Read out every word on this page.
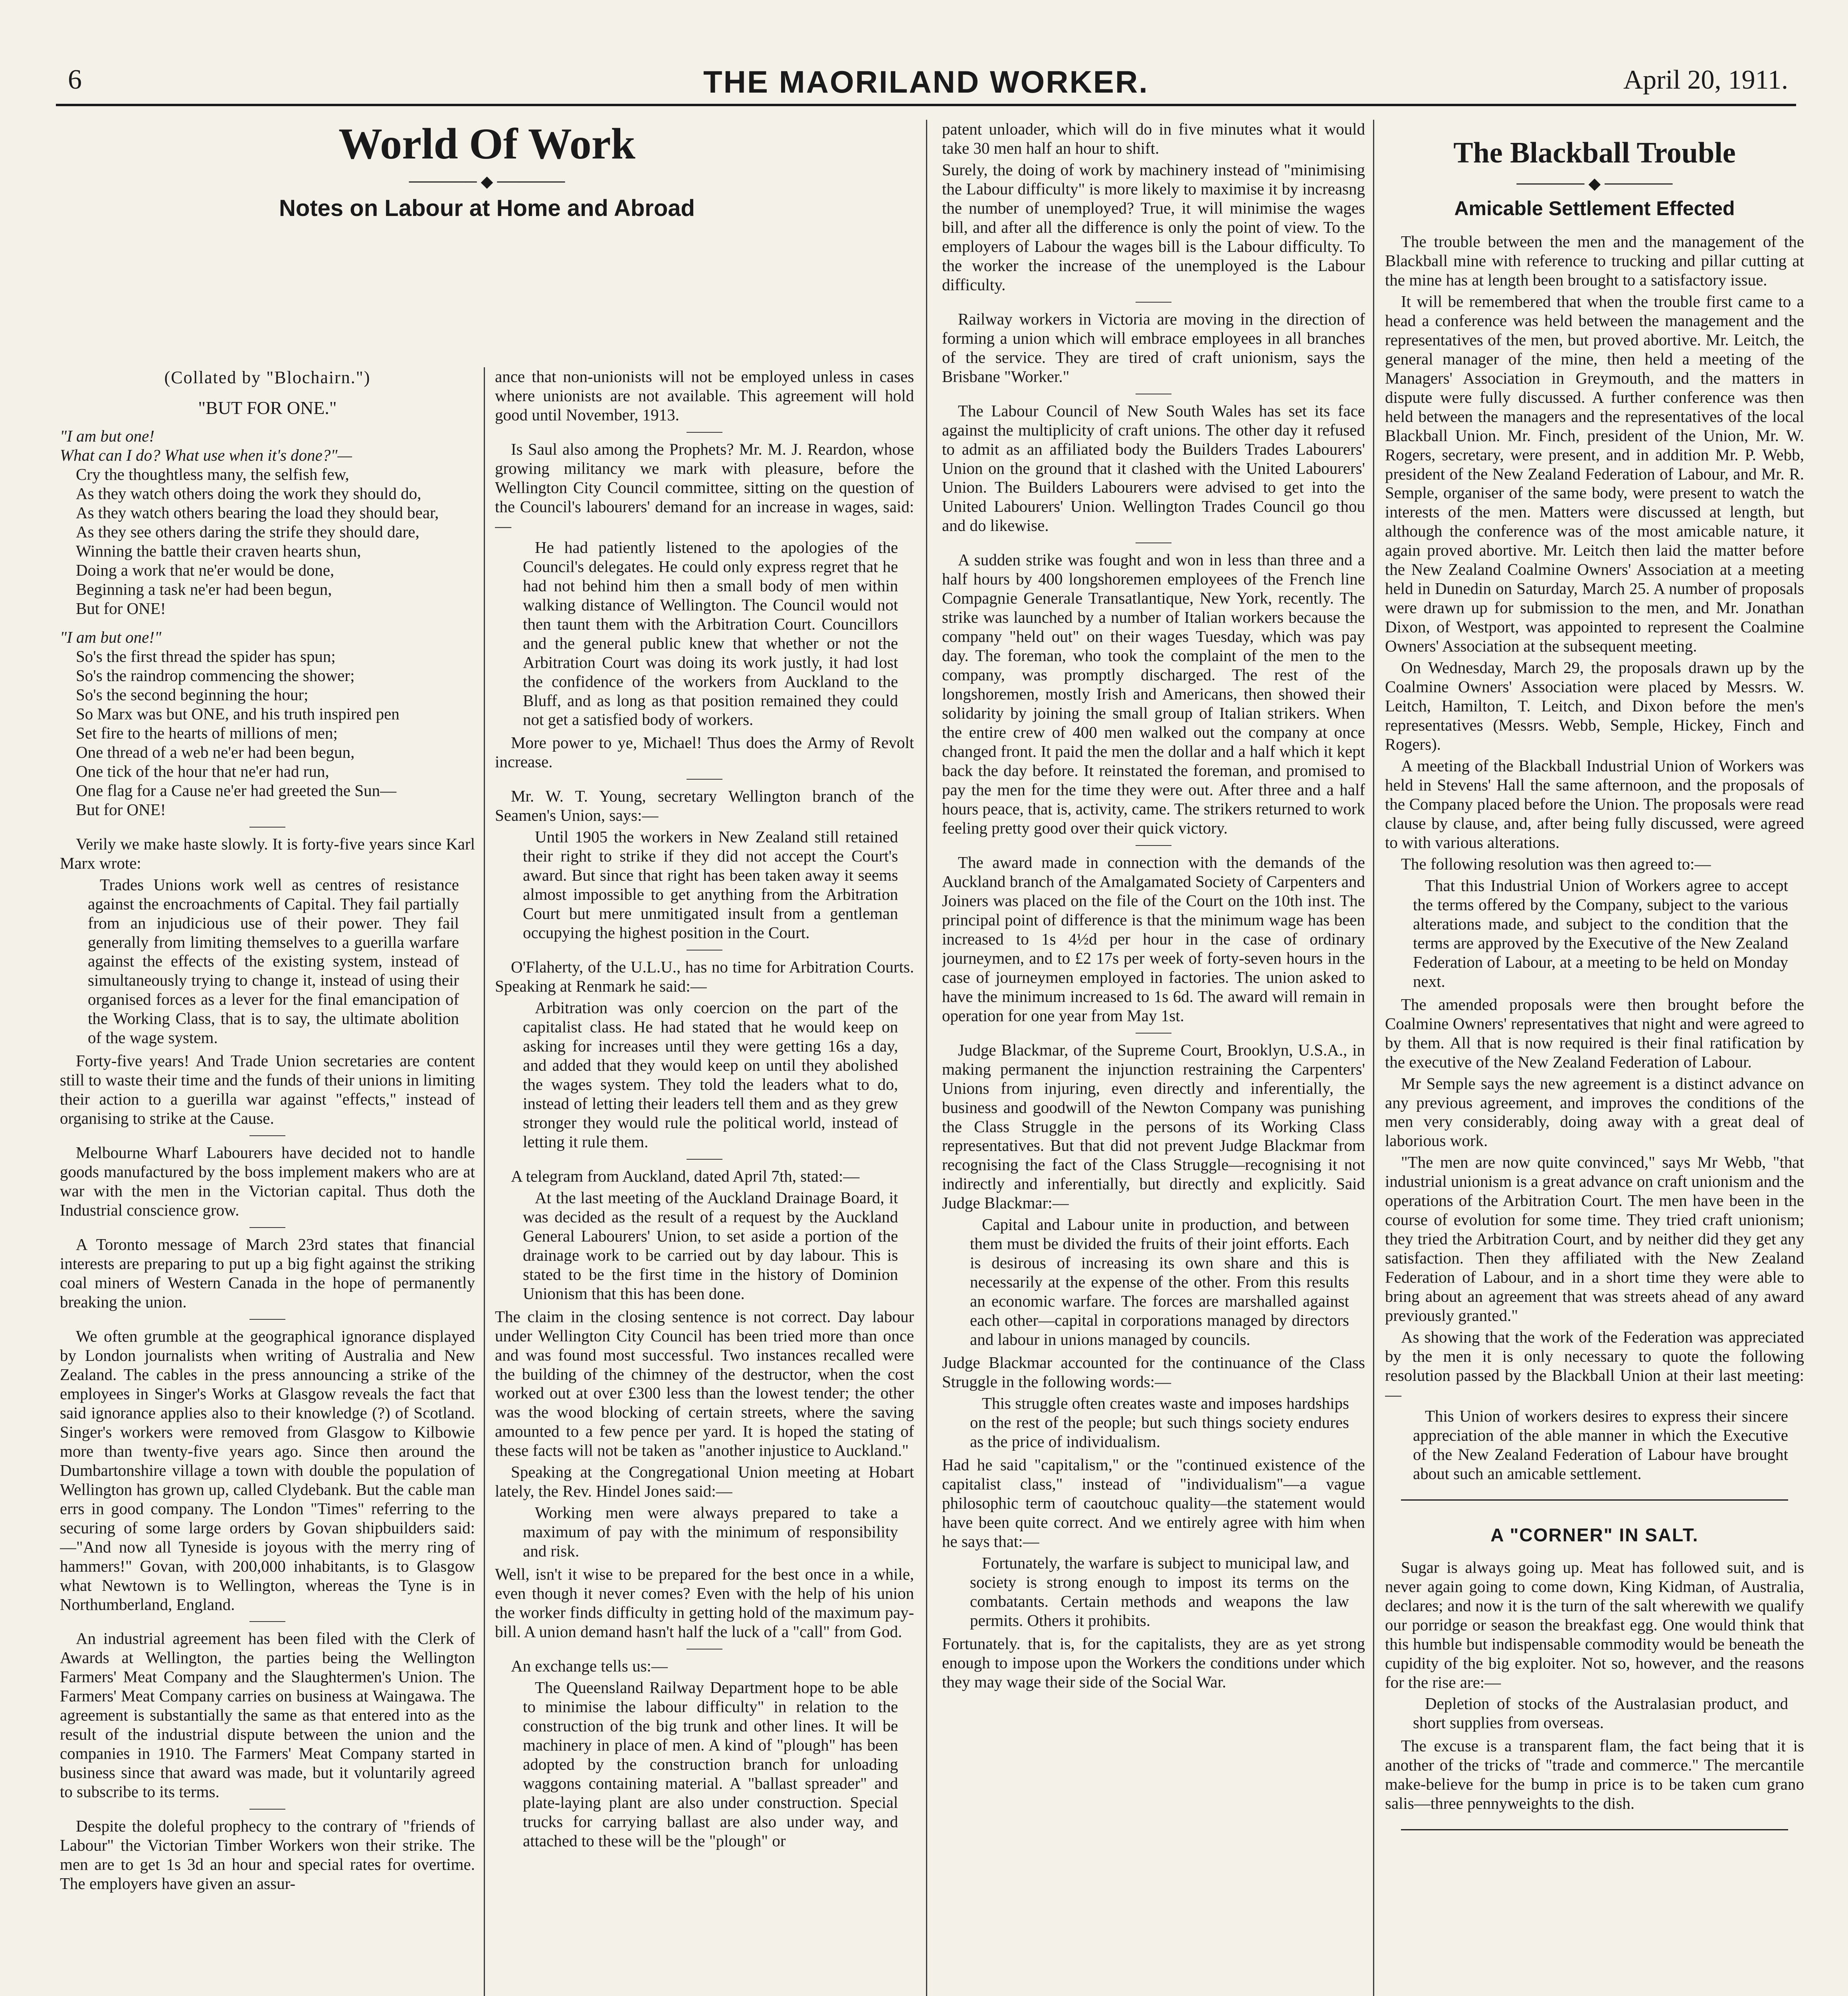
6	THE MAORILAND WORKER.	April 20, 1911.
World Of Work
────── ◆ ──────
Notes on Labour at Home and Abroad
(Collated by "Blochairn.")
"BUT FOR ONE."

"I am but one!

What can I do? What use when it's done?"—

Cry the thoughtless many, the selfish few,

As they watch others doing the work they should do,

As they watch others bearing the load they should bear,

As they see others daring the strife they should dare,

Winning the battle their craven hearts shun,

Doing a work that ne'er would be done,

Beginning a task ne'er had been begun,

But for ONE!

"I am but one!"

So's the first thread the spider has spun;

So's the raindrop commencing the shower;

So's the second beginning the hour;

So Marx was but ONE, and his truth inspired pen

Set fire to the hearts of millions of men;

One thread of a web ne'er had been begun,

One tick of the hour that ne'er had run,

One flag for a Cause ne'er had greeted the Sun—

But for ONE!

Verily we make haste slowly. It is forty-five years since Karl Marx wrote:

Trades Unions work well as centres of resistance against the encroachments of Capital. They fail partially from an injudicious use of their power. They fail generally from limiting themselves to a guerilla warfare against the effects of the existing system, instead of simultaneously trying to change it, instead of using their organised forces as a lever for the final emancipation of the Working Class, that is to say, the ultimate abolition of the wage system.

Forty-five years! And Trade Union secretaries are content still to waste their time and the funds of their unions in limiting their action to a guerilla war against "effects," instead of organising to strike at the Cause.

Melbourne Wharf Labourers have decided not to handle goods manufactured by the boss implement makers who are at war with the men in the Victorian capital. Thus doth the Industrial conscience grow.

A Toronto message of March 23rd states that financial interests are preparing to put up a big fight against the striking coal miners of Western Canada in the hope of permanently breaking the union.

We often grumble at the geographical ignorance displayed by London journalists when writing of Australia and New Zealand. The cables in the press announcing a strike of the employees in Singer's Works at Glasgow reveals the fact that said ignorance applies also to their knowledge (?) of Scotland. Singer's workers were removed from Glasgow to Kilbowie more than twenty-five years ago. Since then around the Dumbartonshire village a town with double the population of Wellington has grown up, called Clydebank. But the cable man errs in good company. The London "Times" referring to the securing of some large orders by Govan shipbuilders said:—"And now all Tyneside is joyous with the merry ring of hammers!" Govan, with 200,000 inhabitants, is to Glasgow what Newtown is to Wellington, whereas the Tyne is in Northumberland, England.

An industrial agreement has been filed with the Clerk of Awards at Wellington, the parties being the Wellington Farmers' Meat Company and the Slaughtermen's Union. The Farmers' Meat Company carries on business at Waingawa. The agreement is substantially the same as that entered into as the result of the industrial dispute between the union and the companies in 1910. The Farmers' Meat Company started in business since that award was made, but it voluntarily agreed to subscribe to its terms.

Despite the doleful prophecy to the contrary of "friends of Labour" the Victorian Timber Workers won their strike. The men are to get 1s 3d an hour and special rates for overtime. The employers have given an assur-

ance that non-unionists will not be employed unless in cases where unionists are not available. This agreement will hold good until November, 1913.

Is Saul also among the Prophets? Mr. M. J. Reardon, whose growing militancy we mark with pleasure, before the Wellington City Council committee, sitting on the question of the Council's labourers' demand for an increase in wages, said:—

He had patiently listened to the apologies of the Council's delegates. He could only express regret that he had not behind him then a small body of men within walking distance of Wellington. The Council would not then taunt them with the Arbitration Court. Councillors and the general public knew that whether or not the Arbitration Court was doing its work justly, it had lost the confidence of the workers from Auckland to the Bluff, and as long as that position remained they could not get a satisfied body of workers.

More power to ye, Michael! Thus does the Army of Revolt increase.

Mr. W. T. Young, secretary Wellington branch of the Seamen's Union, says:—

Until 1905 the workers in New Zealand still retained their right to strike if they did not accept the Court's award. But since that right has been taken away it seems almost impossible to get anything from the Arbitration Court but mere unmitigated insult from a gentleman occupying the highest position in the Court.

O'Flaherty, of the U.L.U., has no time for Arbitration Courts. Speaking at Renmark he said:—

Arbitration was only coercion on the part of the capitalist class. He had stated that he would keep on asking for increases until they were getting 16s a day, and added that they would keep on until they abolished the wages system. They told the leaders what to do, instead of letting their leaders tell them and as they grew stronger they would rule the political world, instead of letting it rule them.

A telegram from Auckland, dated April 7th, stated:—

At the last meeting of the Auckland Drainage Board, it was decided as the result of a request by the Auckland General Labourers' Union, to set aside a portion of the drainage work to be carried out by day labour. This is stated to be the first time in the history of Dominion Unionism that this has been done.

The claim in the closing sentence is not correct. Day labour under Wellington City Council has been tried more than once and was found most successful. Two instances recalled were the building of the chimney of the destructor, when the cost worked out at over £300 less than the lowest tender; the other was the wood blocking of certain streets, where the saving amounted to a few pence per yard. It is hoped the stating of these facts will not be taken as "another injustice to Auckland."

Speaking at the Congregational Union meeting at Hobart lately, the Rev. Hindel Jones said:—

Working men were always prepared to take a maximum of pay with the minimum of responsibility and risk.

Well, isn't it wise to be prepared for the best once in a while, even though it never comes? Even with the help of his union the worker finds difficulty in getting hold of the maximum pay-bill. A union demand hasn't half the luck of a "call" from God.

An exchange tells us:—

The Queensland Railway Department hope to be able to minimise the labour difficulty" in relation to the construction of the big trunk and other lines. It will be machinery in place of men. A kind of "plough" has been adopted by the construction branch for unloading waggons containing material. A "ballast spreader" and plate-laying plant are also under construction. Special trucks for carrying ballast are also under way, and attached to these will be the "plough" or

patent unloader, which will do in five minutes what it would take 30 men half an hour to shift.

Surely, the doing of work by machinery instead of "minimising the Labour difficulty" is more likely to maximise it by increasng the number of unemployed? True, it will minimise the wages bill, and after all the difference is only the point of view. To the employers of Labour the wages bill is the Labour difficulty. To the worker the increase of the unemployed is the Labour difficulty.

Railway workers in Victoria are moving in the direction of forming a union which will embrace employees in all branches of the service. They are tired of craft unionism, says the Brisbane "Worker."

The Labour Council of New South Wales has set its face against the multiplicity of craft unions. The other day it refused to admit as an affiliated body the Builders Trades Labourers' Union on the ground that it clashed with the United Labourers' Union. The Builders Labourers were advised to get into the United Labourers' Union. Wellington Trades Council go thou and do likewise.

A sudden strike was fought and won in less than three and a half hours by 400 longshoremen employees of the French line Compagnie Generale Transatlantique, New York, recently. The strike was launched by a number of Italian workers because the company "held out" on their wages Tuesday, which was pay day. The foreman, who took the complaint of the men to the company, was promptly discharged. The rest of the longshoremen, mostly Irish and Americans, then showed their solidarity by joining the small group of Italian strikers. When the entire crew of 400 men walked out the company at once changed front. It paid the men the dollar and a half which it kept back the day before. It reinstated the foreman, and promised to pay the men for the time they were out. After three and a half hours peace, that is, activity, came. The strikers returned to work feeling pretty good over their quick victory.

The award made in connection with the demands of the Auckland branch of the Amalgamated Society of Carpenters and Joiners was placed on the file of the Court on the 10th inst. The principal point of difference is that the minimum wage has been increased to 1s 4½d per hour in the case of ordinary journeymen, and to £2 17s per week of forty-seven hours in the case of journeymen employed in factories. The union asked to have the minimum increased to 1s 6d. The award will remain in operation for one year from May 1st.

Judge Blackmar, of the Supreme Court, Brooklyn, U.S.A., in making permanent the injunction restraining the Carpenters' Unions from injuring, even directly and inferentially, the business and goodwill of the Newton Company was punishing the Class Struggle in the persons of its Working Class representatives. But that did not prevent Judge Blackmar from recognising the fact of the Class Struggle—recognising it not indirectly and inferentially, but directly and explicitly. Said Judge Blackmar:—

Capital and Labour unite in production, and between them must be divided the fruits of their joint efforts. Each is desirous of increasing its own share and this is necessarily at the expense of the other. From this results an economic warfare. The forces are marshalled against each other—capital in corporations managed by directors and labour in unions managed by councils.

Judge Blackmar accounted for the continuance of the Class Struggle in the following words:—

This struggle often creates waste and imposes hardships on the rest of the people; but such things society endures as the price of individualism.

Had he said "capitalism," or the "continued existence of the capitalist class," instead of "individualism"—a vague philosophic term of caoutchouc quality—the statement would have been quite correct. And we entirely agree with him when he says that:—

Fortunately, the warfare is subject to municipal law, and society is strong enough to impost its terms on the combatants. Certain methods and weapons the law permits. Others it prohibits.

Fortunately. that is, for the capitalists, they are as yet strong enough to impose upon the Workers the conditions under which they may wage their side of the Social War.

The Blackball Trouble
────── ◆ ──────
Amicable Settlement Effected

The trouble between the men and the management of the Blackball mine with reference to trucking and pillar cutting at the mine has at length been brought to a satisfactory issue.

It will be remembered that when the trouble first came to a head a conference was held between the management and the representatives of the men, but proved abortive. Mr. Leitch, the general manager of the mine, then held a meeting of the Managers' Association in Greymouth, and the matters in dispute were fully discussed. A further conference was then held between the managers and the representatives of the local Blackball Union. Mr. Finch, president of the Union, Mr. W. Rogers, secretary, were present, and in addition Mr. P. Webb, president of the New Zealand Federation of Labour, and Mr. R. Semple, organiser of the same body, were present to watch the interests of the men. Matters were discussed at length, but although the conference was of the most amicable nature, it again proved abortive. Mr. Leitch then laid the matter before the New Zealand Coalmine Owners' Association at a meeting held in Dunedin on Saturday, March 25. A number of proposals were drawn up for submission to the men, and Mr. Jonathan Dixon, of Westport, was appointed to represent the Coalmine Owners' Association at the subsequent meeting.

On Wednesday, March 29, the proposals drawn up by the Coalmine Owners' Association were placed by Messrs. W. Leitch, Hamilton, T. Leitch, and Dixon before the men's representatives (Messrs. Webb, Semple, Hickey, Finch and Rogers).

A meeting of the Blackball Industrial Union of Workers was held in Stevens' Hall the same afternoon, and the proposals of the Company placed before the Union. The proposals were read clause by clause, and, after being fully discussed, were agreed to with various alterations.

The following resolution was then agreed to:—

That this Industrial Union of Workers agree to accept the terms offered by the Company, subject to the various alterations made, and subject to the condition that the terms are approved by the Executive of the New Zealand Federation of Labour, at a meeting to be held on Monday next.

The amended proposals were then brought before the Coalmine Owners' representatives that night and were agreed to by them. All that is now required is their final ratification by the executive of the New Zealand Federation of Labour.

Mr Semple says the new agreement is a distinct advance on any previous agreement, and improves the conditions of the men very considerably, doing away with a great deal of laborious work.

"The men are now quite convinced," says Mr Webb, "that industrial unionism is a great advance on craft unionism and the operations of the Arbitration Court. The men have been in the course of evolution for some time. They tried craft unionism; they tried the Arbitration Court, and by neither did they get any satisfaction. Then they affiliated with the New Zealand Federation of Labour, and in a short time they were able to bring about an agreement that was streets ahead of any award previously granted."

As showing that the work of the Federation was appreciated by the men it is only necessary to quote the following resolution passed by the Blackball Union at their last meeting:—

This Union of workers desires to express their sincere appreciation of the able manner in which the Executive of the New Zealand Federation of Labour have brought about such an amicable settlement.

A "CORNER" IN SALT.

Sugar is always going up. Meat has followed suit, and is never again going to come down, King Kidman, of Australia, declares; and now it is the turn of the salt wherewith we qualify our porridge or season the breakfast egg. One would think that this humble but indispensable commodity would be beneath the cupidity of the big exploiter. Not so, however, and the reasons for the rise are:—

Depletion of stocks of the Australasian product, and short supplies from overseas.

The excuse is a transparent flam, the fact being that it is another of the tricks of "trade and commerce." The mercantile make-believe for the bump in price is to be taken cum grano salis—three pennyweights to the dish.
